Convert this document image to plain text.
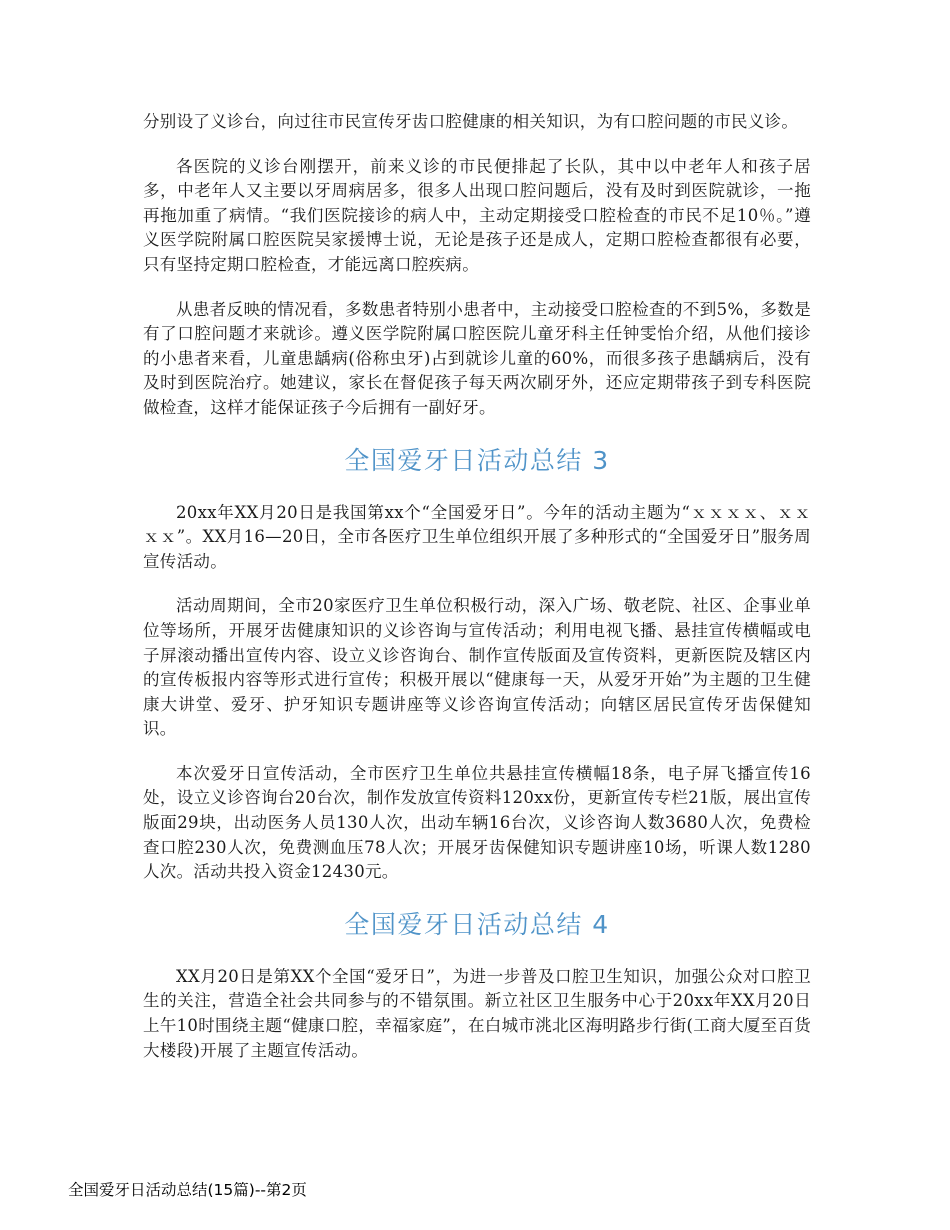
分别设了义诊台，向过往市民宣传牙齿口腔健康的相关知识，为有口腔问题的市民义诊。

各医院的义诊台刚摆开，前来义诊的市民便排起了长队，其中以中老年人和孩子居多，中老年人又主要以牙周病居多，很多人出现口腔问题后，没有及时到医院就诊，一拖再拖加重了病情。“我们医院接诊的病人中，主动定期接受口腔检查的市民不足10％。”遵义医学院附属口腔医院吴家援博士说，无论是孩子还是成人，定期口腔检查都很有必要，只有坚持定期口腔检查，才能远离口腔疾病。

从患者反映的情况看，多数患者特别小患者中，主动接受口腔检查的不到5%，多数是有了口腔问题才来就诊。遵义医学院附属口腔医院儿童牙科主任钟雯怡介绍，从他们接诊的小患者来看，儿童患龋病(俗称虫牙)占到就诊儿童的60%，而很多孩子患龋病后，没有及时到医院治疗。她建议，家长在督促孩子每天两次刷牙外，还应定期带孩子到专科医院做检查，这样才能保证孩子今后拥有一副好牙。

全国爱牙日活动总结 3

20xx年XX月20日是我国第xx个“全国爱牙日”。今年的活动主题为“ｘｘｘｘ、ｘｘｘｘ”。XX月16—20日，全市各医疗卫生单位组织开展了多种形式的“全国爱牙日”服务周宣传活动。

活动周期间，全市20家医疗卫生单位积极行动，深入广场、敬老院、社区、企事业单位等场所，开展牙齿健康知识的义诊咨询与宣传活动；利用电视飞播、悬挂宣传横幅或电子屏滚动播出宣传内容、设立义诊咨询台、制作宣传版面及宣传资料，更新医院及辖区内的宣传板报内容等形式进行宣传；积极开展以“健康每一天，从爱牙开始”为主题的卫生健康大讲堂、爱牙、护牙知识专题讲座等义诊咨询宣传活动；向辖区居民宣传牙齿保健知识。

本次爱牙日宣传活动，全市医疗卫生单位共悬挂宣传横幅18条，电子屏飞播宣传16处，设立义诊咨询台20台次，制作发放宣传资料120xx份，更新宣传专栏21版，展出宣传版面29块，出动医务人员130人次，出动车辆16台次，义诊咨询人数3680人次，免费检查口腔230人次，免费测血压78人次；开展牙齿保健知识专题讲座10场，听课人数1280人次。活动共投入资金12430元。

全国爱牙日活动总结 4

XX月20日是第XX个全国“爱牙日”，为进一步普及口腔卫生知识，加强公众对口腔卫生的关注，营造全社会共同参与的不错氛围。新立社区卫生服务中心于20xx年XX月20日上午10时围绕主题“健康口腔，幸福家庭”，在白城市洮北区海明路步行街(工商大厦至百货大楼段)开展了主题宣传活动。

全国爱牙日活动总结(15篇)--第2页
